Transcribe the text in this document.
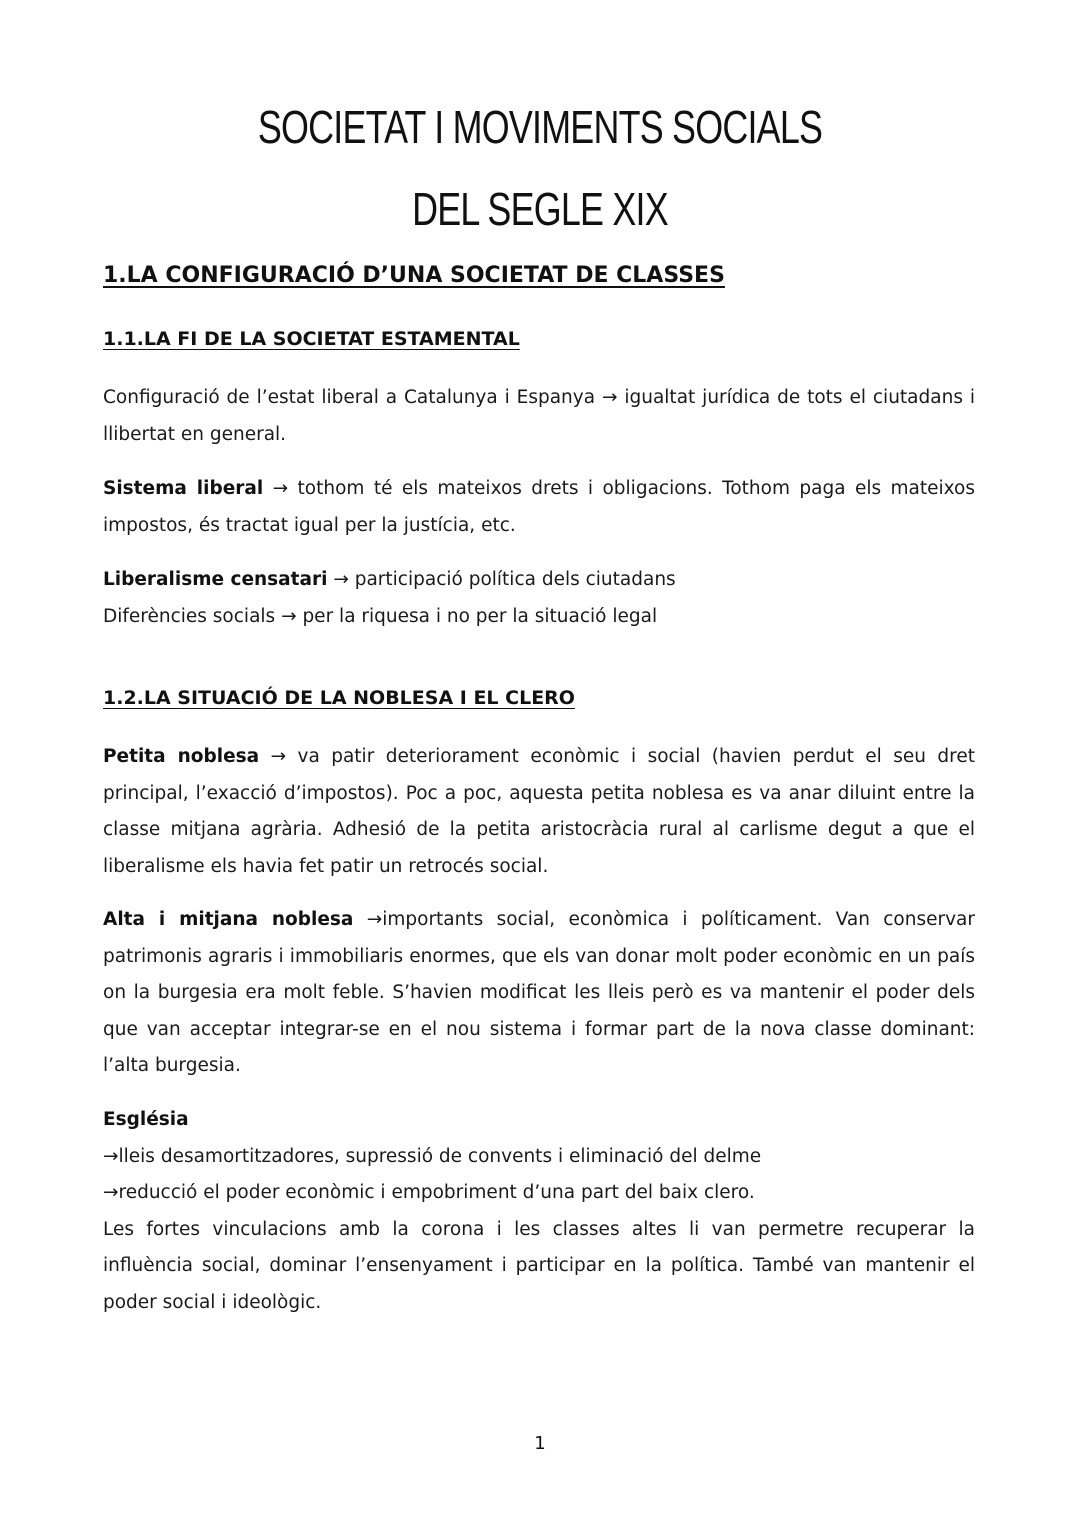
SOCIETAT I MOVIMENTS SOCIALS
DEL SEGLE XIX
1.LA CONFIGURACIÓ D’UNA SOCIETAT DE CLASSES
1.1.LA FI DE LA SOCIETAT ESTAMENTAL

Configuració de l’estat liberal a Catalunya i Espanya → igualtat jurídica de tots el ciutadans i llibertat en general.

Sistema liberal → tothom té els mateixos drets i obligacions. Tothom paga els mateixos impostos, és tractat igual per la justícia, etc.

Liberalisme censatari → participació política dels ciutadans
Diferències socials → per la riquesa i no per la situació legal

1.2.LA SITUACIÓ DE LA NOBLESA I EL CLERO

Petita noblesa → va patir deteriorament econòmic i social (havien perdut el seu dret principal, l’exacció d’impostos). Poc a poc, aquesta petita noblesa es va anar diluint entre la classe mitjana agrària. Adhesió de la petita aristocràcia rural al carlisme degut a que el liberalisme els havia fet patir un retrocés social.

Alta i mitjana noblesa →importants social, econòmica i políticament. Van conservar patrimonis agraris i immobiliaris enormes, que els van donar molt poder econòmic en un país on la burgesia era molt feble. S’havien modificat les lleis però es va mantenir el poder dels que van acceptar integrar-se en el nou sistema i formar part de la nova classe dominant: l’alta burgesia.

Església
→lleis desamortitzadores, supressió de convents i eliminació del delme
→reducció el poder econòmic i empobriment d’una part del baix clero.
Les fortes vinculacions amb la corona i les classes altes li van permetre recuperar la influència social, dominar l’ensenyament i participar en la política. També van mantenir el poder social i ideològic.

1
